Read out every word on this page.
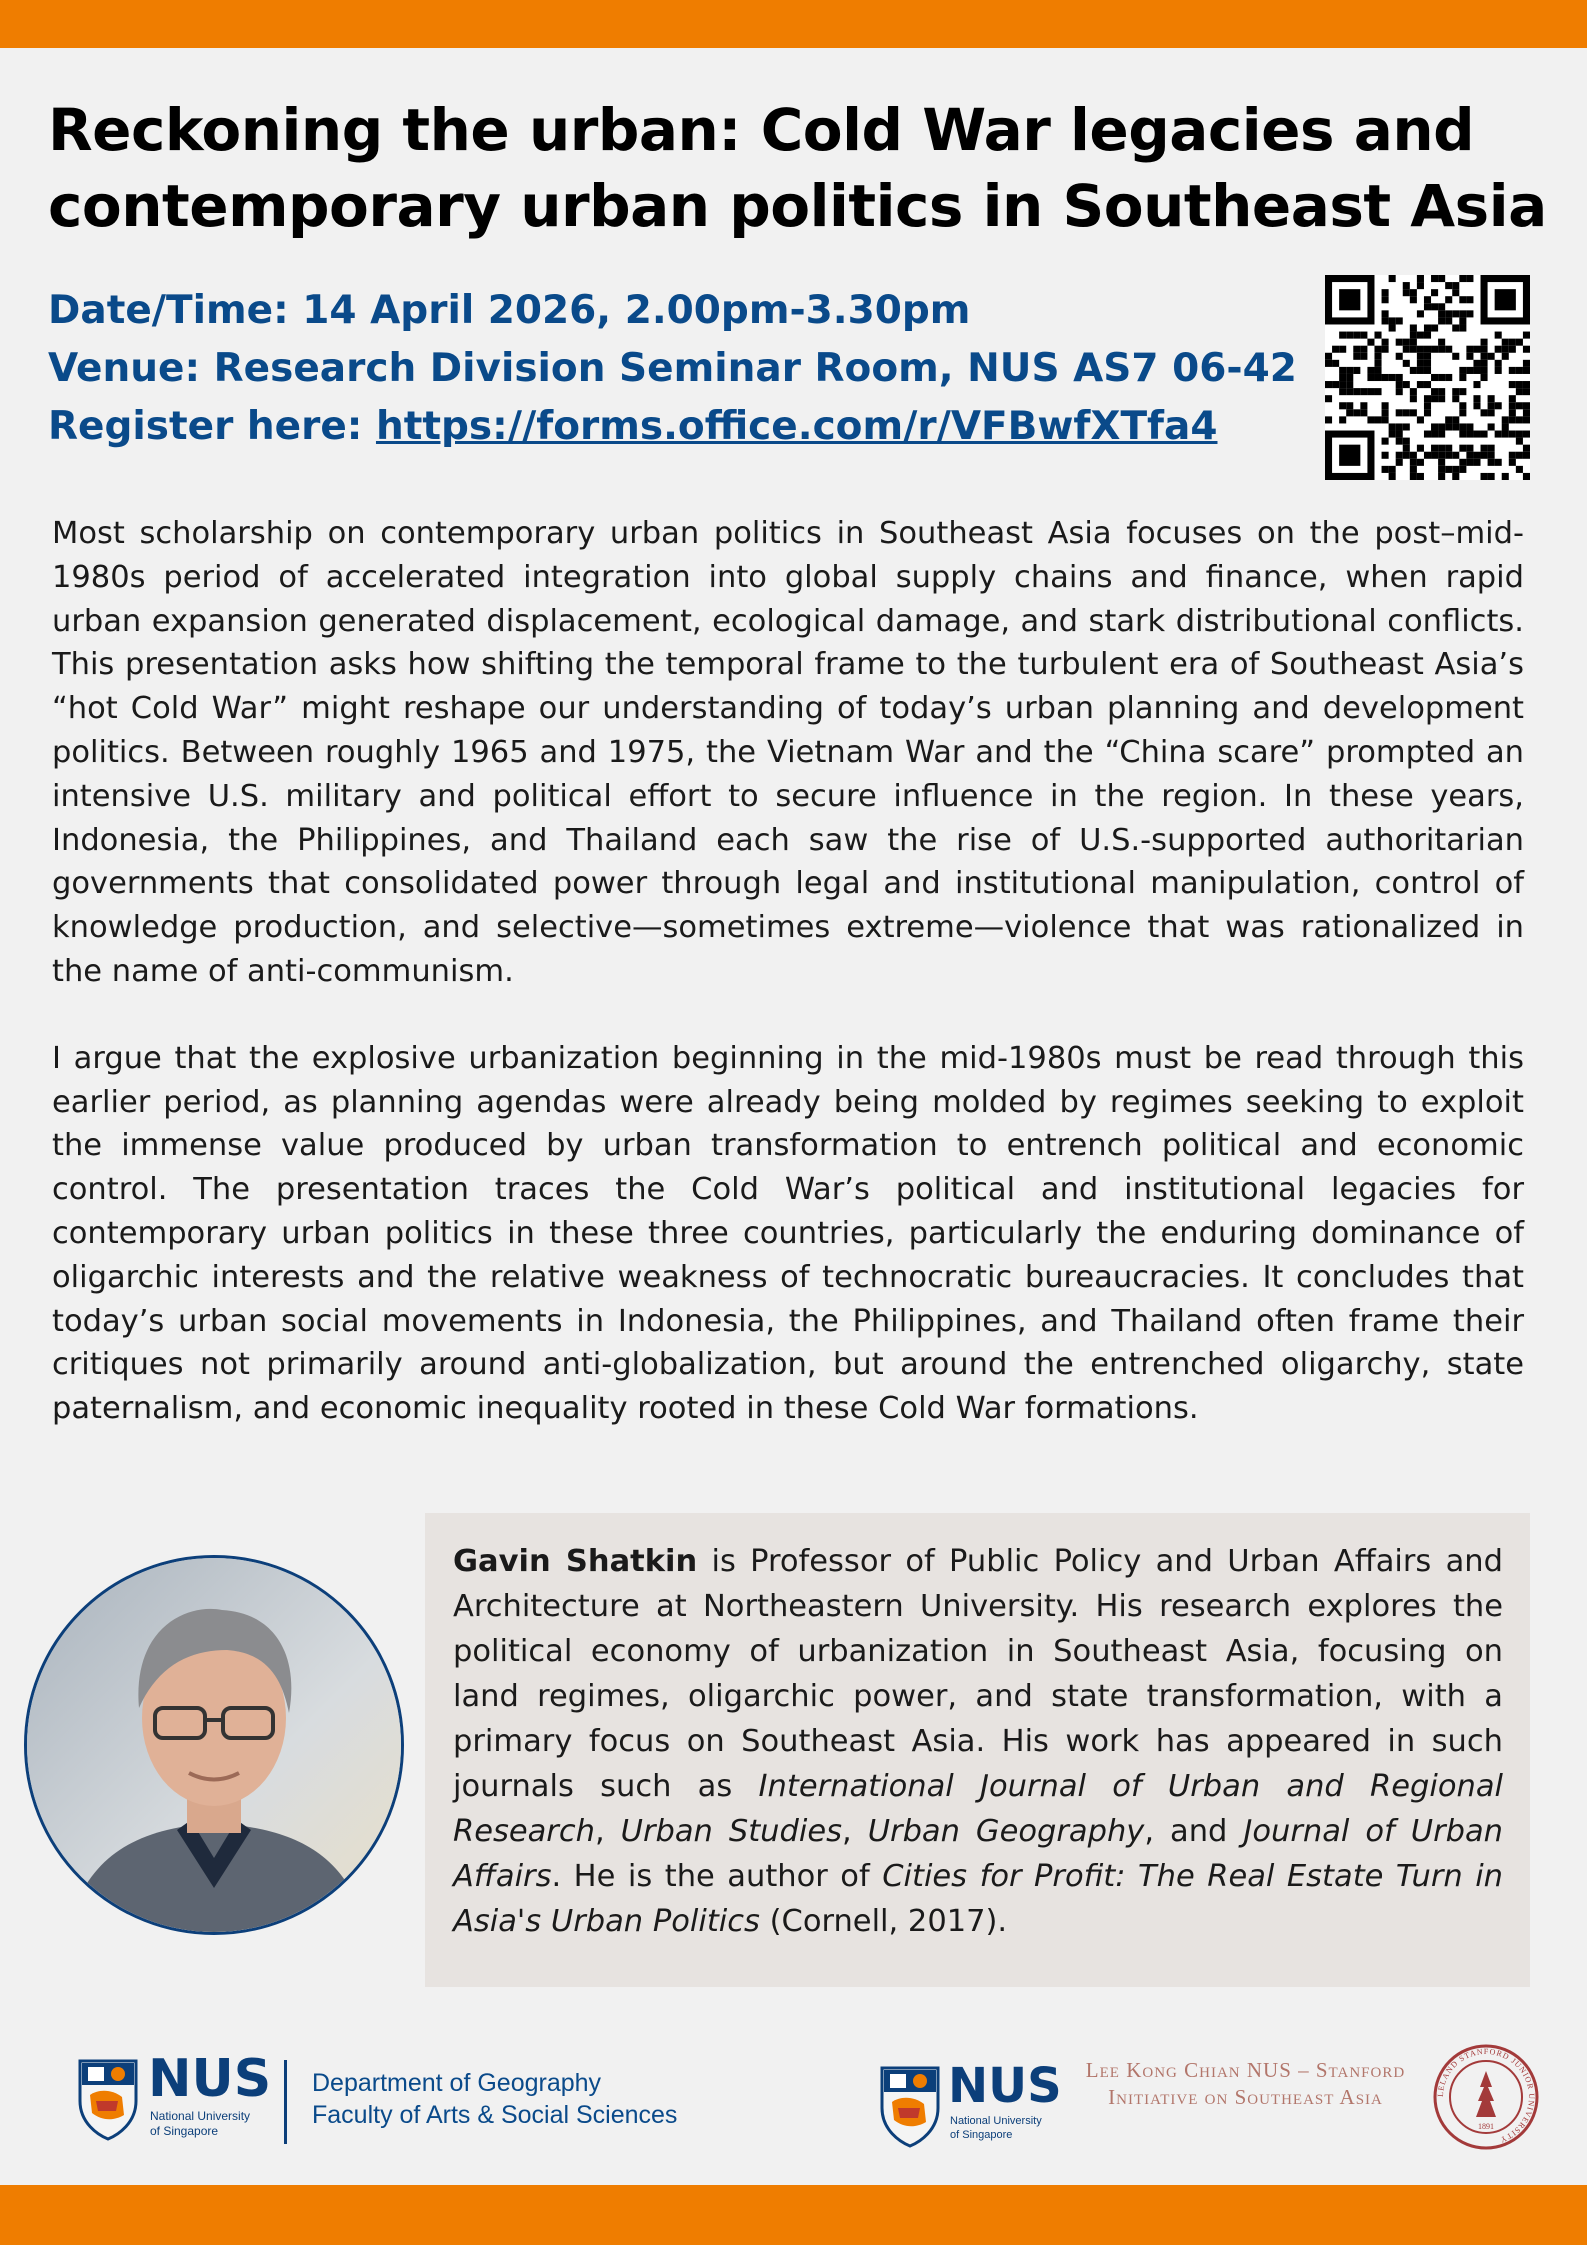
Reckoning the urban: Cold War legacies and
contemporary urban politics in Southeast Asia
Date/Time: 14 April 2026, 2.00pm-3.30pm
Venue: Research Division Seminar Room, NUS AS7 06-42
Register here: https://forms.office.com/r/VFBwfXTfa4

Most scholarship on contemporary urban politics in Southeast Asia focuses on the post–mid-1980s period of accelerated integration into global supply chains and finance, when rapid urban expansion generated displacement, ecological damage, and stark distributional conflicts. This presentation asks how shifting the temporal frame to the turbulent era of Southeast Asia’s “hot Cold War” might reshape our understanding of today’s urban planning and development politics. Between roughly 1965 and 1975, the Vietnam War and the “China scare” prompted an intensive U.S. military and political effort to secure influence in the region. In these years, Indonesia, the Philippines, and Thailand each saw the rise of U.S.-supported authoritarian governments that consolidated power through legal and institutional manipulation, control of knowledge production, and selective—sometimes extreme—violence that was rationalized in the name of anti-communism.

I argue that the explosive urbanization beginning in the mid-1980s must be read through this earlier period, as planning agendas were already being molded by regimes seeking to exploit the immense value produced by urban transformation to entrench political and economic control. The presentation traces the Cold War’s political and institutional legacies for contemporary urban politics in these three countries, particularly the enduring dominance of oligarchic interests and the relative weakness of technocratic bureaucracies. It concludes that today’s urban social movements in Indonesia, the Philippines, and Thailand often frame their critiques not primarily around anti-globalization, but around the entrenched oligarchy, state paternalism, and economic inequality rooted in these Cold War formations.

Gavin Shatkin is Professor of Public Policy and Urban Affairs and Architecture at Northeastern University. His research explores the political economy of urbanization in Southeast Asia, focusing on land regimes, oligarchic power, and state transformation, with a primary focus on Southeast Asia. His work has appeared in such journals such as International Journal of Urban and Regional Research, Urban Studies, Urban Geography, and Journal of Urban Affairs. He is the author of Cities for Profit: The Real Estate Turn in Asia's Urban Politics (Cornell, 2017).
NUS
National University
of Singapore
Department of Geography
Faculty of Arts & Social Sciences
NUS
National University
of Singapore
Lee Kong Chian NUS – Stanford
Initiative on Southeast Asia	LELAND STANFORD JUNIOR UNIVERSITY
1891
